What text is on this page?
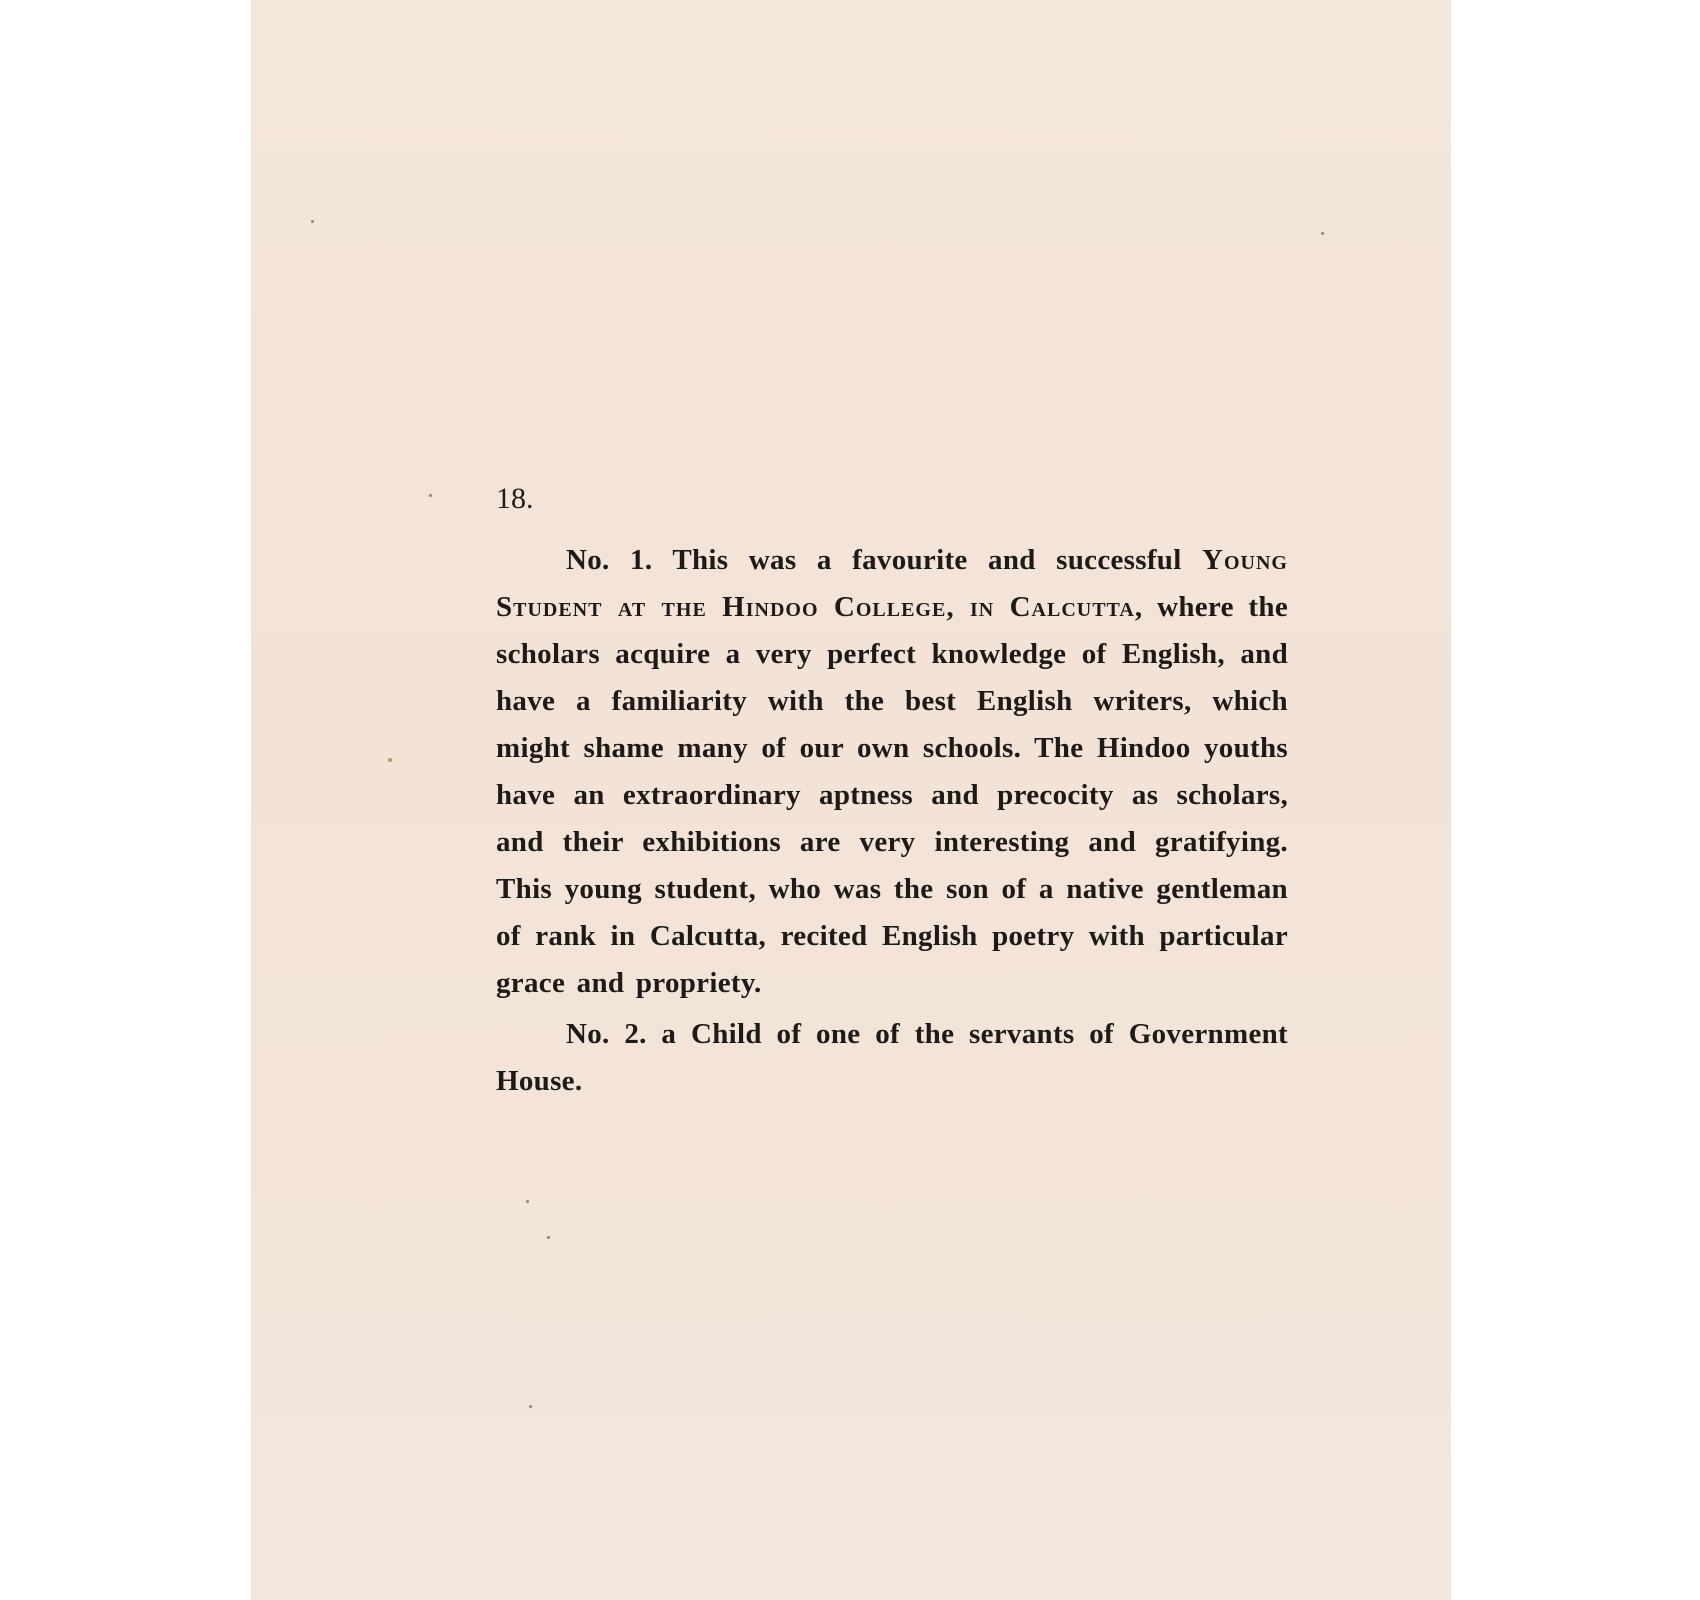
18.

No. 1. This was a favourite and successful Young Student at the Hindoo College, in Calcutta, where the scholars acquire a very perfect knowledge of English, and have a familiarity with the best English writers, which might shame many of our own schools. The Hindoo youths have an extraordinary aptness and precocity as scholars, and their exhibitions are very interesting and gratifying. This young student, who was the son of a native gentleman of rank in Calcutta, recited English poetry with particular grace and propriety.

No. 2. a Child of one of the servants of Government House.
